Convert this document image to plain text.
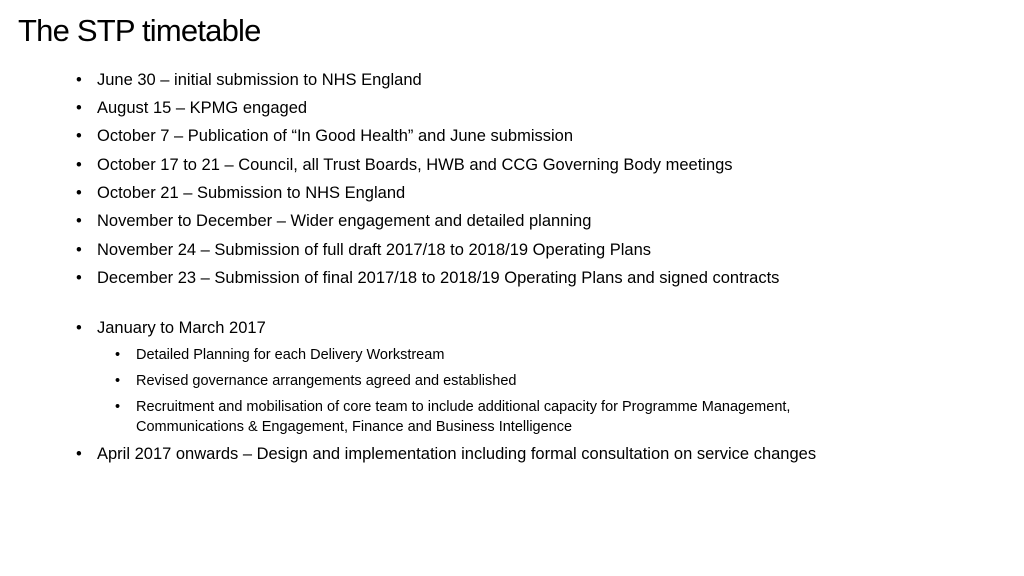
The STP timetable
• June 30 – initial submission to NHS England
• August 15 – KPMG engaged
• October 7 – Publication of “In Good Health” and June submission
• October 17 to 21 – Council, all Trust Boards, HWB and CCG Governing Body meetings
• October 21 – Submission to NHS England
• November to December – Wider engagement and detailed planning
• November 24 – Submission of full draft 2017/18 to 2018/19 Operating Plans
• December 23 – Submission of final 2017/18 to 2018/19 Operating Plans and signed contracts
• January to March 2017
• Detailed Planning for each Delivery Workstream
• Revised governance arrangements agreed and established
• Recruitment and mobilisation of core team to include additional capacity for Programme Management,
Communications & Engagement, Finance and Business Intelligence
• April 2017 onwards – Design and implementation including formal consultation on service changes
